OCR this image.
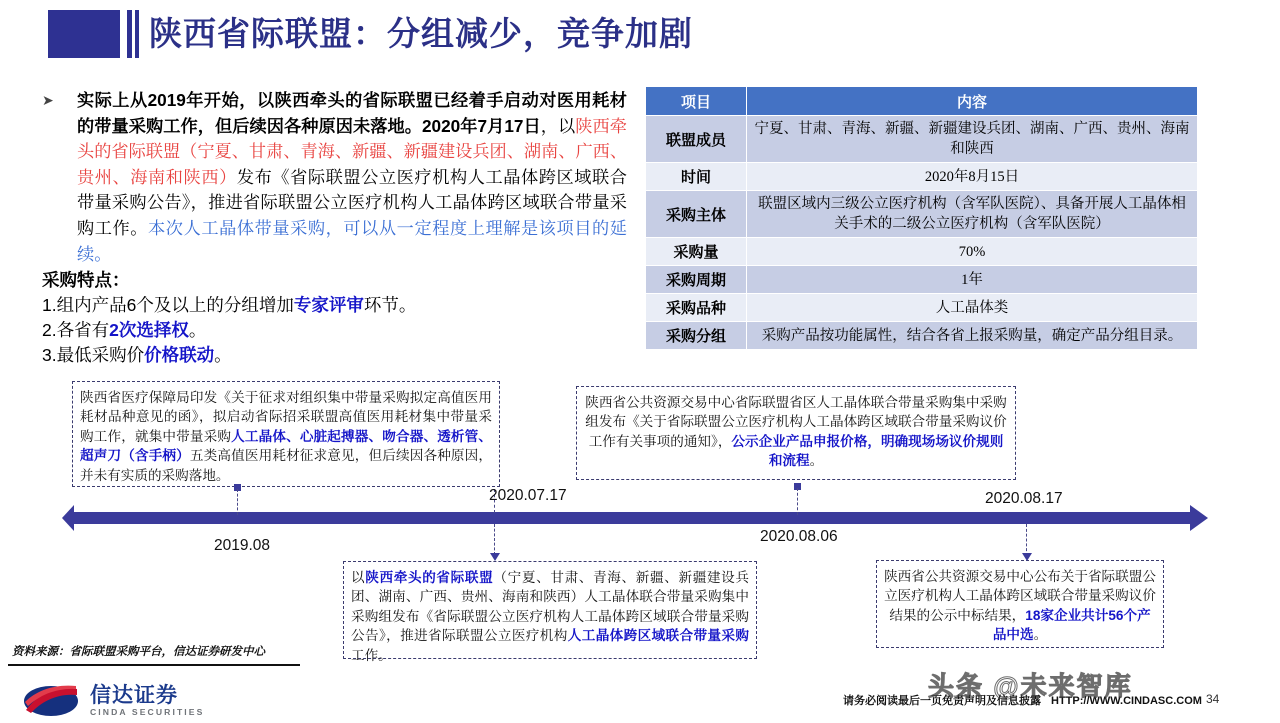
陕西省际联盟：分组减少，竞争加剧
➤ 实际上从2019年开始，以陕西牵头的省际联盟已经着手启动对医用耗材的带量采购工作，但后续因各种原因未落地。2020年7月17日，以陕西牵头的省际联盟（宁夏、甘肃、青海、新疆、新疆建设兵团、湖南、广西、贵州、海南和陕西）发布《省际联盟公立医疗机构人工晶体跨区域联合带量采购公告》，推进省际联盟公立医疗机构人工晶体跨区域联合带量采购工作。本次人工晶体带量采购，可以从一定程度上理解是该项目的延续。
采购特点：
1.组内产品6个及以上的分组增加专家评审环节。
2.各省有2次选择权。
3.最低采购价价格联动。
项目	内容
联盟成员	宁夏、甘肃、青海、新疆、新疆建设兵团、湖南、广西、贵州、海南和陕西
时间	2020年8月15日
采购主体	联盟区域内三级公立医疗机构（含军队医院）、具备开展人工晶体相关手术的二级公立医疗机构（含军队医院）
采购量	70%
采购周期	1年
采购品种	人工晶体类
采购分组	采购产品按功能属性，结合各省上报采购量，确定产品分组目录。
陕西省医疗保障局印发《关于征求对组织集中带量采购拟定高值医用耗材品种意见的函》，拟启动省际招采联盟高值医用耗材集中带量采购工作，就集中带量采购人工晶体、心脏起搏器、吻合器、透析管、超声刀（含手柄）五类高值医用耗材征求意见，但后续因各种原因，并未有实质的采购落地。
陕西省公共资源交易中心省际联盟省区人工晶体联合带量采购集中采购组发布《关于省际联盟公立医疗机构人工晶体跨区域联合带量采购议价工作有关事项的通知》，公示企业产品申报价格，明确现场场议价规则和流程。
以陕西牵头的省际联盟（宁夏、甘肃、青海、新疆、新疆建设兵团、湖南、广西、贵州、海南和陕西）人工晶体联合带量采购集中采购组发布《省际联盟公立医疗机构人工晶体跨区域联合带量采购公告》，推进省际联盟公立医疗机构人工晶体跨区域联合带量采购工作。
陕西省公共资源交易中心公布关于省际联盟公立医疗机构人工晶体跨区域联合带量采购议价结果的公示中标结果，18家企业共计56个产品中选。
2019.08
2020.07.17
2020.08.06
2020.08.17
资料来源：省际联盟采购平台，信达证券研发中心
信达证券
CINDA SECURITIES
请务必阅读最后一页免责声明及信息披露 HTTP://WWW.CINDASC.COM 34
头条 @未来智库
